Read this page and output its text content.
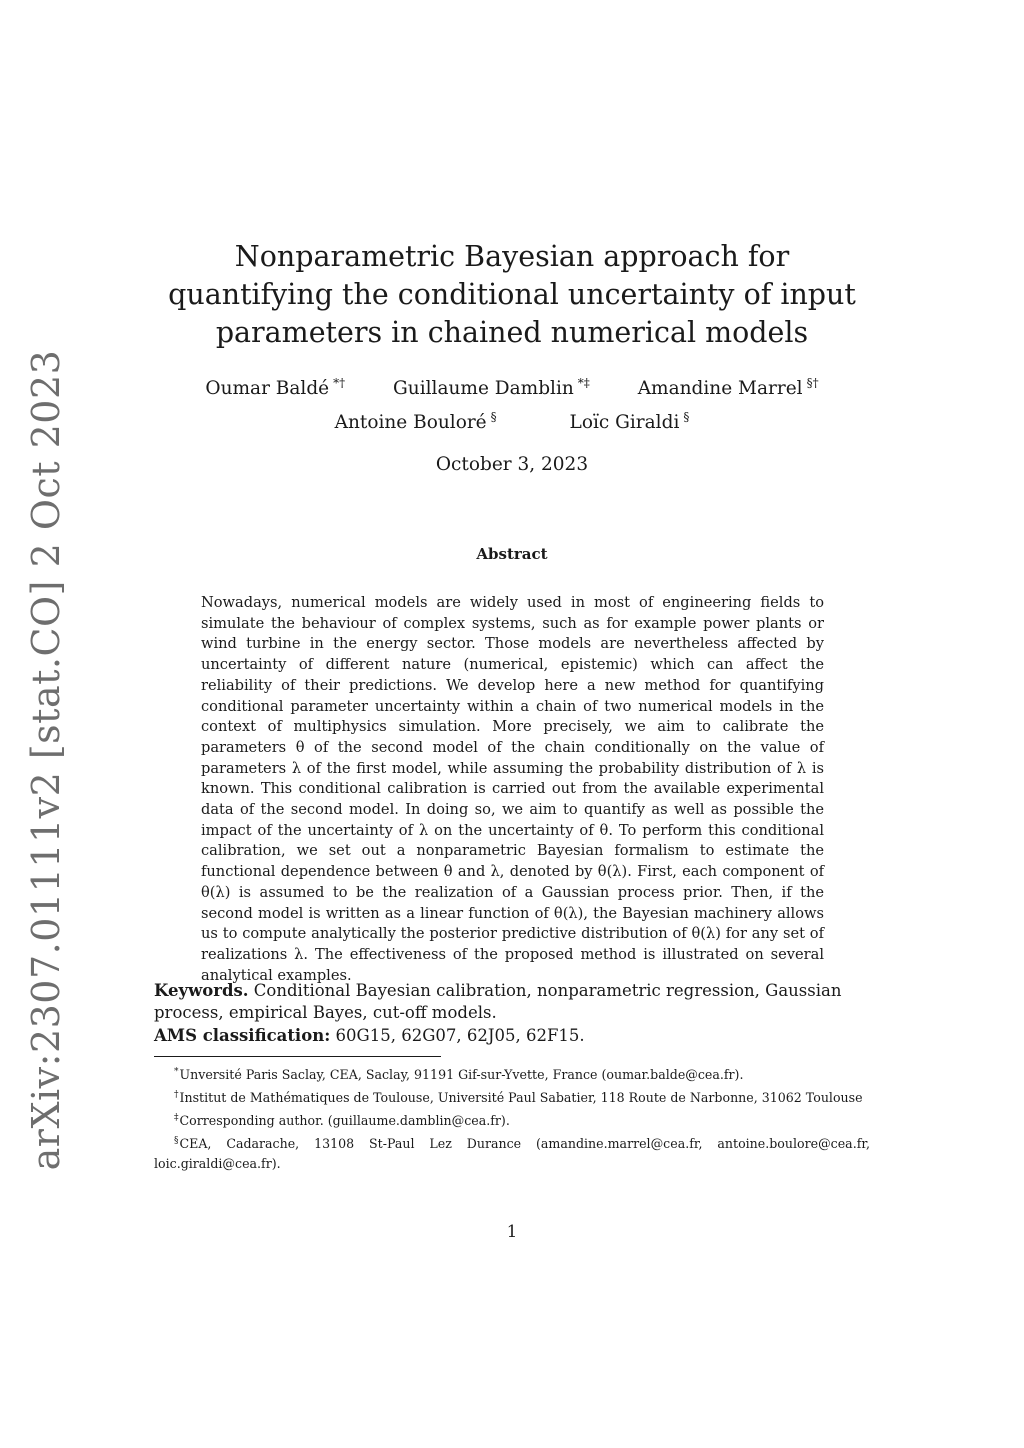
arXiv:2307.01111v2 [stat.CO] 2 Oct 2023
Nonparametric Bayesian approach for quantifying the conditional uncertainty of input parameters in chained numerical models
Oumar Baldé *†	Guillaume Damblin *‡	Amandine Marrel §†
Antoine Bouloré §	Loïc Giraldi §
October 3, 2023
Abstract

Nowadays, numerical models are widely used in most of engineering fields to simulate the behaviour of complex systems, such as for example power plants or wind turbine in the energy sector. Those models are nevertheless affected by uncertainty of different nature (numerical, epistemic) which can affect the reliability of their predictions. We develop here a new method for quantifying conditional parameter uncertainty within a chain of two numerical models in the context of multiphysics simulation. More precisely, we aim to calibrate the parameters θ of the second model of the chain conditionally on the value of parameters λ of the first model, while assuming the probability distribution of λ is known. This conditional calibration is carried out from the available experimental data of the second model. In doing so, we aim to quantify as well as possible the impact of the uncertainty of λ on the uncertainty of θ. To perform this conditional calibration, we set out a nonparametric Bayesian formalism to estimate the functional dependence between θ and λ, denoted by θ(λ). First, each component of θ(λ) is assumed to be the realization of a Gaussian process prior. Then, if the second model is written as a linear function of θ(λ), the Bayesian machinery allows us to compute analytically the posterior predictive distribution of θ(λ) for any set of realizations λ. The effectiveness of the proposed method is illustrated on several analytical examples.

Keywords. Conditional Bayesian calibration, nonparametric regression, Gaussian process, empirical Bayes, cut-off models.
AMS classification: 60G15, 62G07, 62J05, 62F15.

*Unversité Paris Saclay, CEA, Saclay, 91191 Gif-sur-Yvette, France (oumar.balde@cea.fr).

†Institut de Mathématiques de Toulouse, Université Paul Sabatier, 118 Route de Narbonne, 31062 Toulouse

‡Corresponding author. (guillaume.damblin@cea.fr).

§CEA, Cadarache, 13108 St-Paul Lez Durance (amandine.marrel@cea.fr, antoine.boulore@cea.fr, loic.giraldi@cea.fr).

1
